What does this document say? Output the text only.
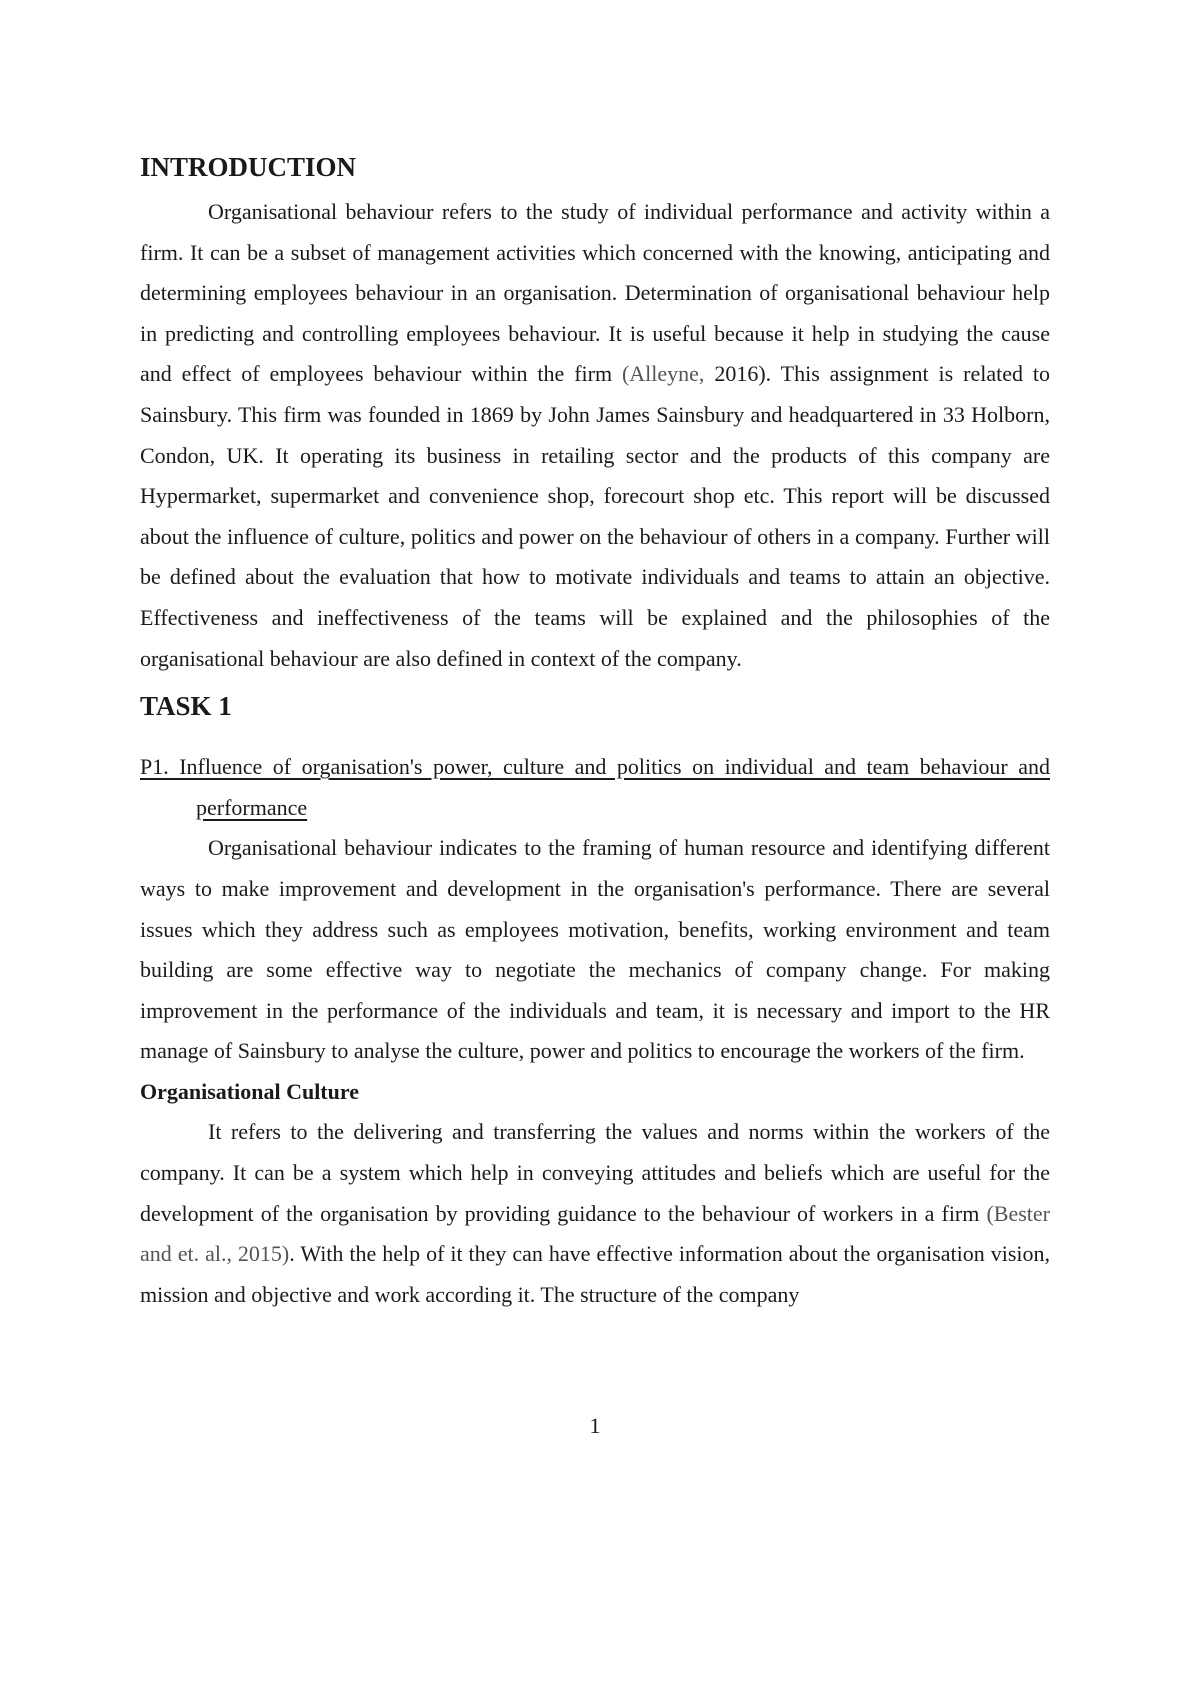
INTRODUCTION

Organisational behaviour refers to the study of individual performance and activity within a firm. It can be a subset of management activities which concerned with the knowing, anticipating and determining employees behaviour in an organisation. Determination of organisational behaviour help in predicting and controlling employees behaviour. It is useful because it help in studying the cause and effect of employees behaviour within the firm (Alleyne, 2016). This assignment is related to Sainsbury. This firm was founded in 1869 by John James Sainsbury and headquartered in 33 Holborn, Condon, UK. It operating its business in retailing sector and the products of this company are Hypermarket, supermarket and convenience shop, forecourt shop etc. This report will be discussed about the influence of culture, politics and power on the behaviour of others in a company. Further will be defined about the evaluation that how to motivate individuals and teams to attain an objective. Effectiveness and ineffectiveness of the teams will be explained and the philosophies of the organisational behaviour are also defined in context of the company.

TASK 1
P1. Influence of organisation's power, culture and politics on individual and team behaviour and performance

Organisational behaviour indicates to the framing of human resource and identifying different ways to make improvement and development in the organisation's performance. There are several issues which they address such as employees motivation, benefits, working environment and team building are some effective way to negotiate the mechanics of company change. For making improvement in the performance of the individuals and team, it is necessary and import to the HR manage of Sainsbury to analyse the culture, power and politics to encourage the workers of the firm.

Organisational Culture

It refers to the delivering and transferring the values and norms within the workers of the company. It can be a system which help in conveying attitudes and beliefs which are useful for the development of the organisation by providing guidance to the behaviour of workers in a firm (Bester and et. al., 2015). With the help of it they can have effective information about the organisation vision, mission and objective and work according it. The structure of the company

1
